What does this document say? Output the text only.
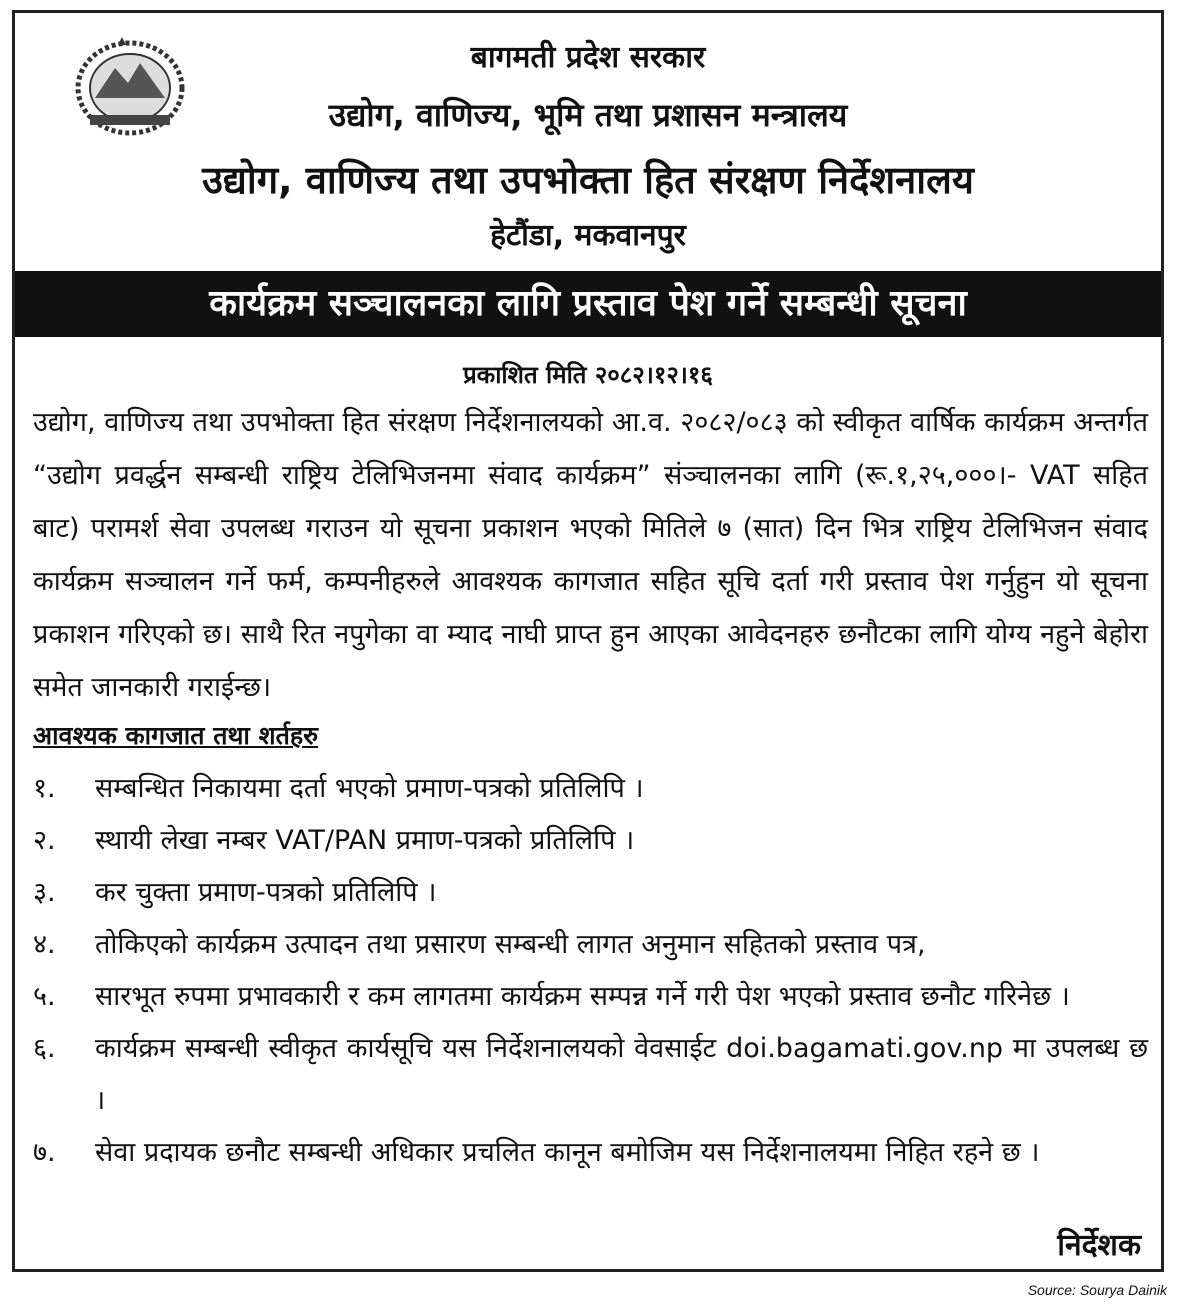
बागमती प्रदेश सरकार
उद्योग, वाणिज्य, भूमि तथा प्रशासन मन्त्रालय
उद्योग, वाणिज्य तथा उपभोक्ता हित संरक्षण निर्देशनालय
हेटौंडा, मकवानपुर
कार्यक्रम सञ्चालनका लागि प्रस्ताव पेश गर्ने सम्बन्धी सूचना
प्रकाशित मिति २०८२।१२।१६
उद्योग, वाणिज्य तथा उपभोक्ता हित संरक्षण निर्देशनालयको आ.व. २०८२/०८३ को स्वीकृत वार्षिक कार्यक्रम अन्तर्गत “उद्योग प्रवर्द्धन सम्बन्धी राष्ट्रिय टेलिभिजनमा संवाद कार्यक्रम” संञ्चालनका लागि (रू.१,२५,०००।- VAT सहित बाट) परामर्श सेवा उपलब्ध गराउन यो सूचना प्रकाशन भएको मितिले ७ (सात) दिन भित्र राष्ट्रिय टेलिभिजन संवाद कार्यक्रम सञ्चालन गर्ने फर्म, कम्पनीहरुले आवश्यक कागजात सहित सूचि दर्ता गरी प्रस्ताव पेश गर्नुहुन यो सूचना प्रकाशन गरिएको छ। साथै रित नपुगेका वा म्याद नाघी प्राप्त हुन आएका आवेदनहरु छनौटका लागि योग्य नहुने बेहोरा समेत जानकारी गराईन्छ।
आवश्यक कागजात तथा शर्तहरु
१.	सम्बन्धित निकायमा दर्ता भएको प्रमाण-पत्रको प्रतिलिपि ।
२.	स्थायी लेखा नम्बर VAT/PAN प्रमाण-पत्रको प्रतिलिपि ।
३.	कर चुक्ता प्रमाण-पत्रको प्रतिलिपि ।
४.	तोकिएको कार्यक्रम उत्पादन तथा प्रसारण सम्बन्धी लागत अनुमान सहितको प्रस्ताव पत्र,
५.	सारभूत रुपमा प्रभावकारी र कम लागतमा कार्यक्रम सम्पन्न गर्ने गरी पेश भएको प्रस्ताव छनौट गरिनेछ ।
६.	कार्यक्रम सम्बन्धी स्वीकृत कार्यसूचि यस निर्देशनालयको वेवसाईट doi.bagamati.gov.np मा उपलब्ध छ ।
७.	सेवा प्रदायक छनौट सम्बन्धी अधिकार प्रचलित कानून बमोजिम यस निर्देशनालयमा निहित रहने छ ।
निर्देशक
Source: Sourya Dainik
